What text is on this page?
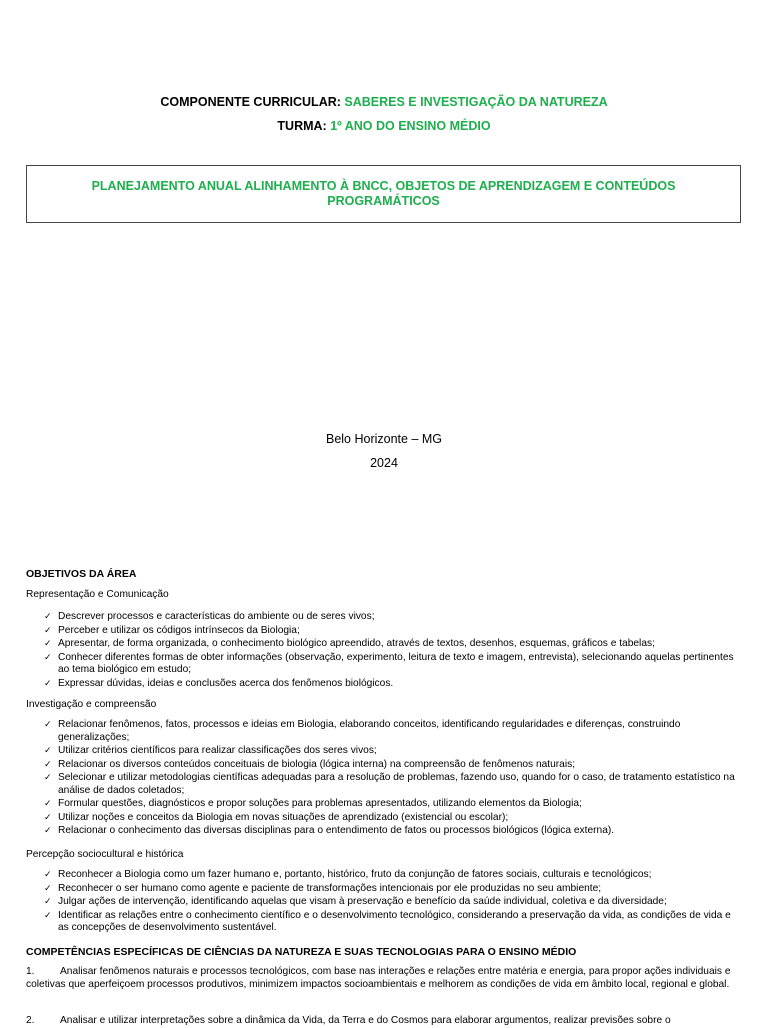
COMPONENTE CURRICULAR: SABERES E INVESTIGAÇÃO DA NATUREZA
TURMA: 1º ANO DO ENSINO MÉDIO
PLANEJAMENTO ANUAL ALINHAMENTO À BNCC, OBJETOS DE APRENDIZAGEM E CONTEÚDOS
PROGRAMÁTICOS
Belo Horizonte – MG
2024
OBJETIVOS DA ÁREA
Representação e Comunicação
✓ Descrever processos e características do ambiente ou de seres vivos;
✓ Perceber e utilizar os códigos intrínsecos da Biologia;
✓ Apresentar, de forma organizada, o conhecimento biológico apreendido, através de textos, desenhos, esquemas, gráficos e tabelas;
✓ Conhecer diferentes formas de obter informações (observação, experimento, leitura de texto e imagem, entrevista), selecionando aquelas pertinentes ao tema biológico em estudo;
✓ Expressar dúvidas, ideias e conclusões acerca dos fenômenos biológicos.
Investigação e compreensão
✓ Relacionar fenômenos, fatos, processos e ideias em Biologia, elaborando conceitos, identificando regularidades e diferenças, construindo generalizações;
✓ Utilizar critérios científicos para realizar classificações dos seres vivos;
✓ Relacionar os diversos conteúdos conceituais de biologia (lógica interna) na compreensão de fenômenos naturais;
✓ Selecionar e utilizar metodologias científicas adequadas para a resolução de problemas, fazendo uso, quando for o caso, de tratamento estatístico na análise de dados coletados;
✓ Formular questões, diagnósticos e propor soluções para problemas apresentados, utilizando elementos da Biologia;
✓ Utilizar noções e conceitos da Biologia em novas situações de aprendizado (existencial ou escolar);
✓ Relacionar o conhecimento das diversas disciplinas para o entendimento de fatos ou processos biológicos (lógica externa).
Percepção sociocultural e histórica
✓ Reconhecer a Biologia como um fazer humano e, portanto, histórico, fruto da conjunção de fatores sociais, culturais e tecnológicos;
✓ Reconhecer o ser humano como agente e paciente de transformações intencionais por ele produzidas no seu ambiente;
✓ Julgar ações de intervenção, identificando aquelas que visam à preservação e benefício da saúde individual, coletiva e da diversidade;
✓ Identificar as relações entre o conhecimento científico e o desenvolvimento tecnológico, considerando a preservação da vida, as condições de vida e as concepções de desenvolvimento sustentável.
COMPETÊNCIAS ESPECÍFICAS DE CIÊNCIAS DA NATUREZA E SUAS TECNOLOGIAS PARA O ENSINO MÉDIO
1.	Analisar fenômenos naturais e processos tecnológicos, com base nas interações e relações entre matéria e energia, para propor ações individuais e coletivas que aperfeiçoem processos produtivos, minimizem impactos socioambientais e melhorem as condições de vida em âmbito local, regional e global.
2.	Analisar e utilizar interpretações sobre a dinâmica da Vida, da Terra e do Cosmos para elaborar argumentos, realizar previsões sobre o
